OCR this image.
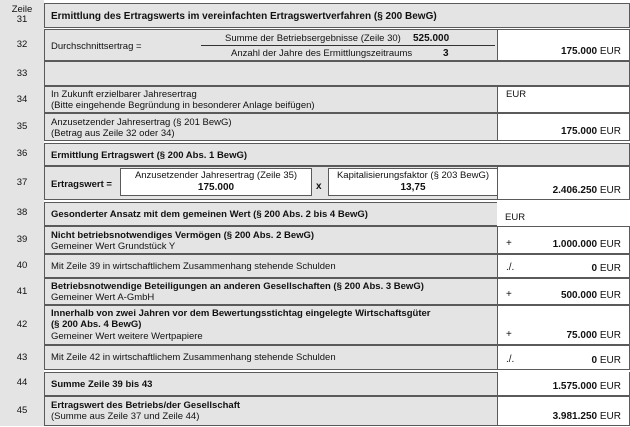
Zeile
31	Ermittlung des Ertragswerts im vereinfachten Ertragswertverfahren (§ 200 BewG)
32	Durchschnittsertrag =
Summe der Betriebsergebnisse (Zeile 30) 525.000
Anzahl der Jahre des Ermittlungszeitraums	3	175.000 EUR
33
34	In Zukunft erzielbarer Jahresertrag
(Bitte eingehende Begründung in besonderer Anlage beifügen)
EUR
35	Anzusetzender Jahresertrag (§ 201 BewG)
(Betrag aus Zeile 32 oder 34)	175.000 EUR
36	Ermittlung Ertragswert (§ 200 Abs. 1 BewG)
37	Ertragswert =
Anzusetzender Jahresertrag (Zeile 35)
175.000	x
Kapitalisierungsfaktor (§ 203 BewG)
13,75	2.406.250 EUR
38	Gesonderter Ansatz mit dem gemeinen Wert (§ 200 Abs. 2 bis 4 BewG)	EUR
39	Nicht betriebsnotwendiges Vermögen (§ 200 Abs. 2 BewG)
Gemeiner Wert Grundstück Y	+	1.000.000 EUR
40	Mit Zeile 39 in wirtschaftlichem Zusammenhang stehende Schulden	./.	0 EUR
41	Betriebsnotwendige Beteiligungen an anderen Gesellschaften (§ 200 Abs. 3 BewG)
Gemeiner Wert A-GmbH	+	500.000 EUR
42
Innerhalb von zwei Jahren vor dem Bewertungsstichtag eingelegte Wirtschaftsgüter
(§ 200 Abs. 4 BewG)
Gemeiner Wert weitere Wertpapiere	+	75.000 EUR
43	Mit Zeile 42 in wirtschaftlichem Zusammenhang stehende Schulden	./.	0 EUR
44	Summe Zeile 39 bis 43	1.575.000 EUR
45	Ertragswert des Betriebs/der Gesellschaft
(Summe aus Zeile 37 und Zeile 44)	3.981.250 EUR
